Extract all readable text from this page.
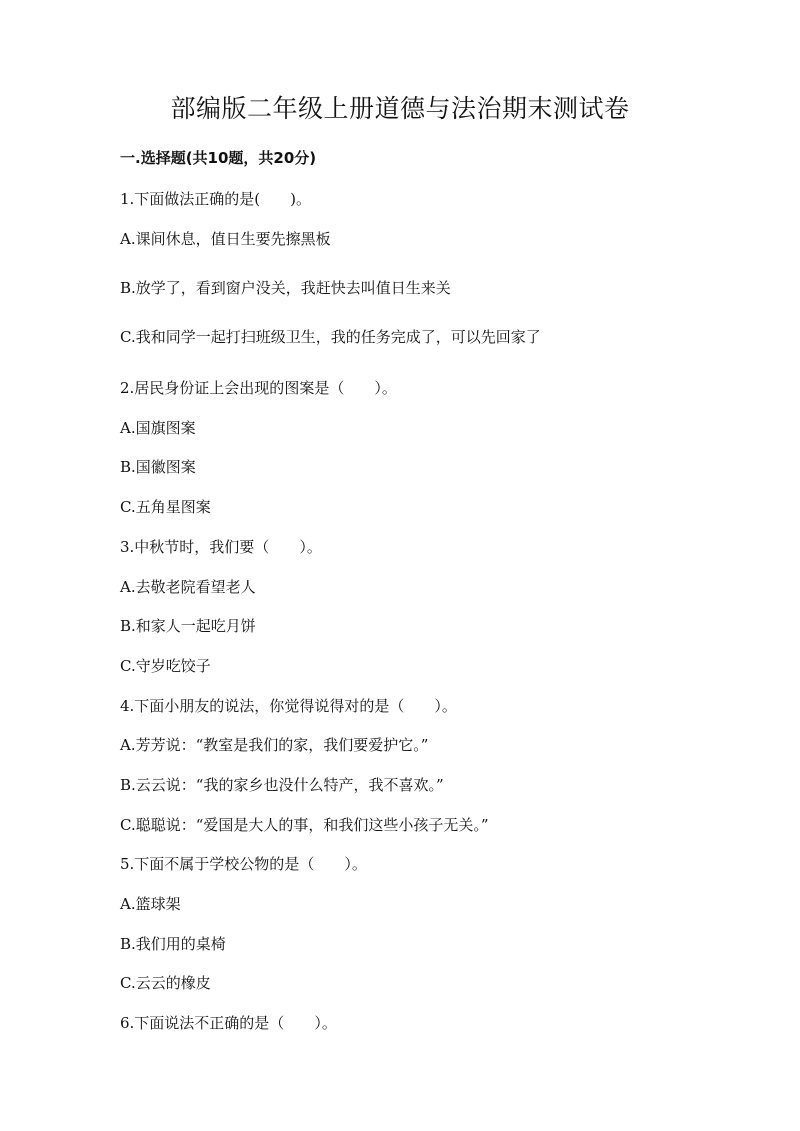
部编版二年级上册道德与法治期末测试卷
一.选择题(共10题，共20分)
1.下面做法正确的是(　　)。
A.课间休息，值日生要先擦黑板
B.放学了，看到窗户没关，我赶快去叫值日生来关
C.我和同学一起打扫班级卫生，我的任务完成了，可以先回家了
2.居民身份证上会出现的图案是（　　）。
A.国旗图案
B.国徽图案
C.五角星图案
3.中秋节时，我们要（　　）。
A.去敬老院看望老人
B.和家人一起吃月饼
C.守岁吃饺子
4.下面小朋友的说法，你觉得说得对的是（　　）。
A.芳芳说：“教室是我们的家，我们要爱护它。”
B.云云说：“我的家乡也没什么特产，我不喜欢。”
C.聪聪说：“爱国是大人的事，和我们这些小孩子无关。”
5.下面不属于学校公物的是（　　）。
A.篮球架
B.我们用的桌椅
C.云云的橡皮
6.下面说法不正确的是（　　）。
